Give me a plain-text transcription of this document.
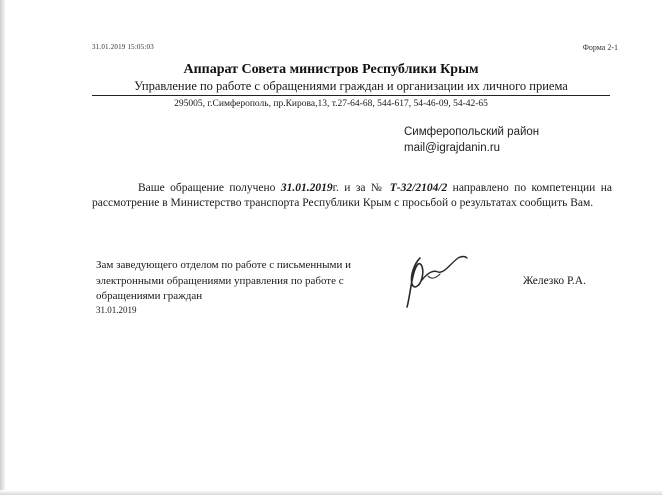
31.01.2019 15:05:03	Форма 2-1
Аппарат Совета министров Республики Крым
Управление по работе с обращениями граждан и организации их личного приема
295005, г.Симферополь, пр.Кирова,13, т.27-64-68, 544-617, 54-46-09, 54-42-65
Симферопольский район
mail@igrajdanin.ru
Ваше обращение получено 31.01.2019г. и за № Т-32/2104/2 направлено по компетенции на рассмотрение в Министерство транспорта Республики Крым с просьбой о результатах сообщить Вам.
Зам заведующего отделом по работе с письменными и электронными обращениями управления по работе с обращениями граждан
31.01.2019
Железко Р.А.
